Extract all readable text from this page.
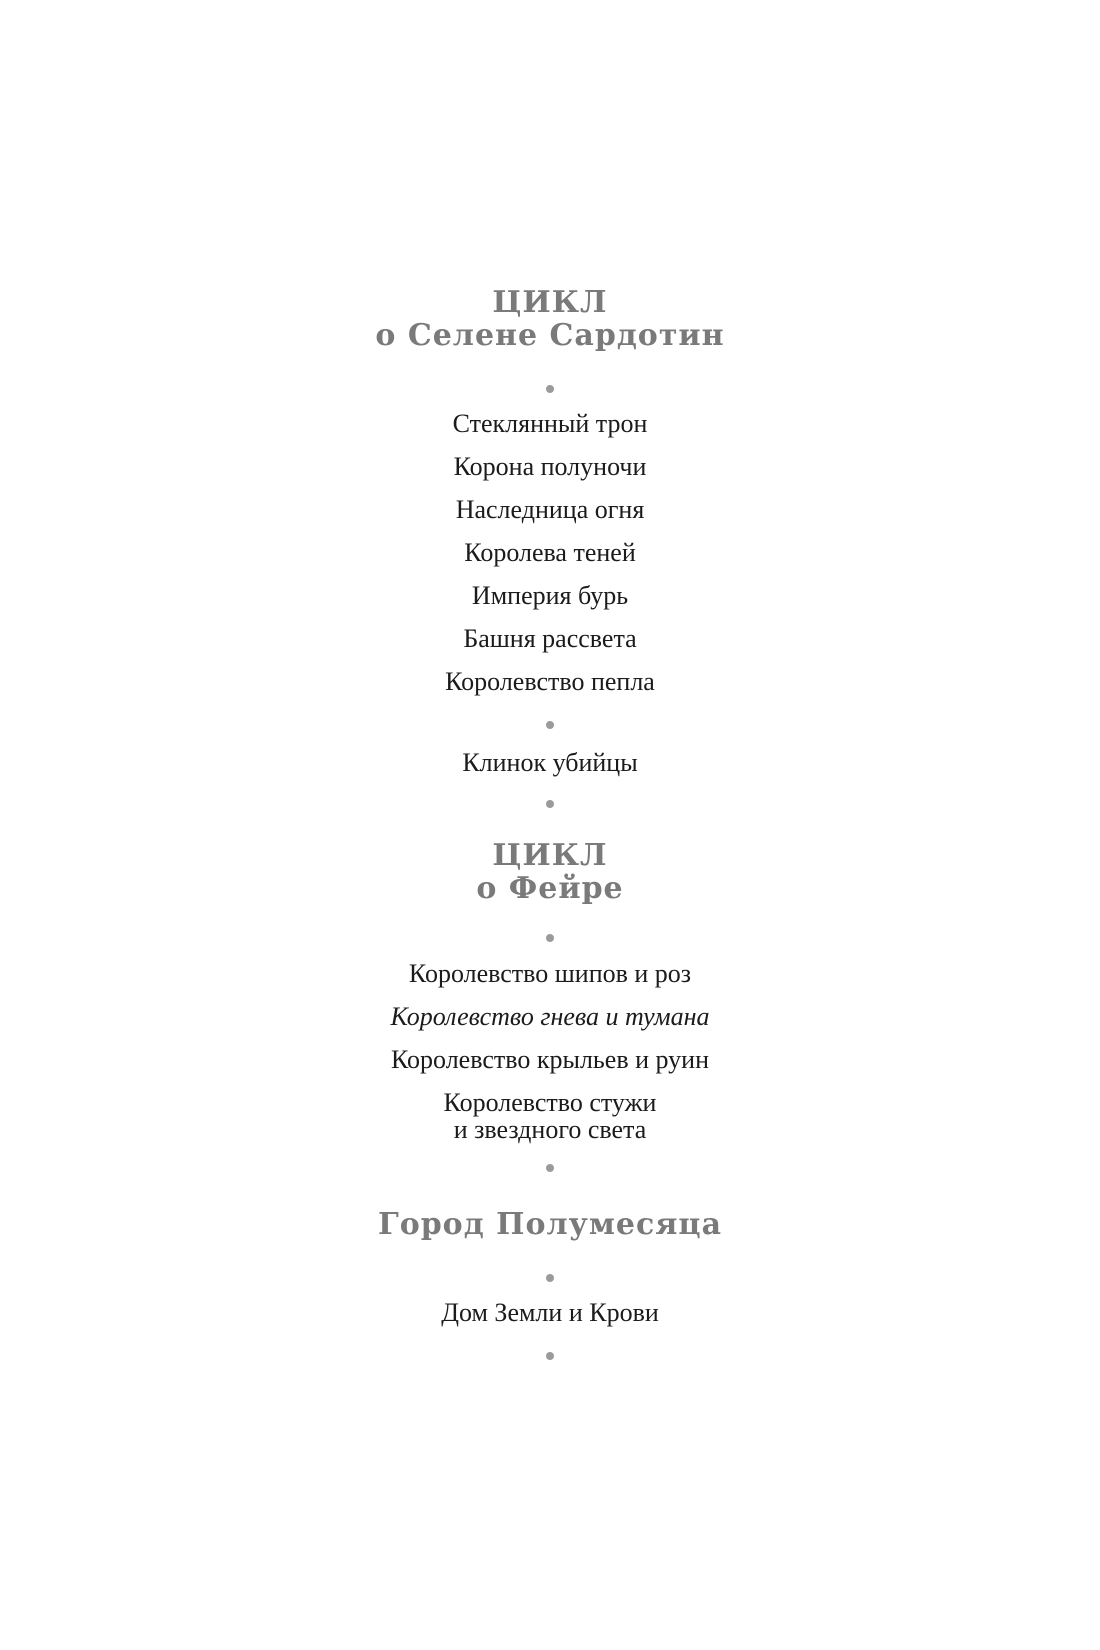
ЦИКЛ
о Селене Сардотин
Стеклянный трон
Корона полуночи
Наследница огня
Королева теней
Империя бурь
Башня рассвета
Королевство пепла
Клинок убийцы
ЦИКЛ
о Фейре
Королевство шипов и роз
Королевство гнева и тумана
Королевство крыльев и руин
Королевство стужи
и звездного света
Город Полумесяца
Дом Земли и Крови
